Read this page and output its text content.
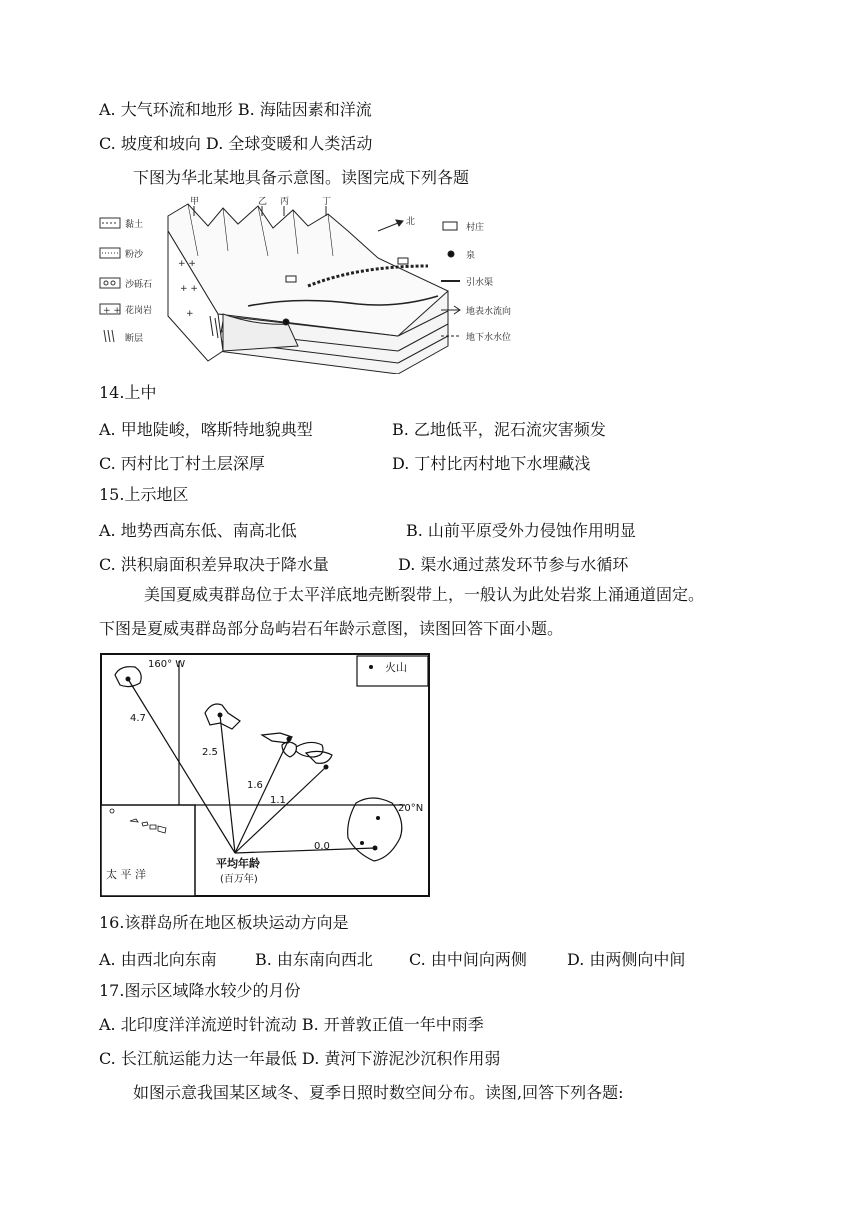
A. 大气环流和地形 B. 海陆因素和洋流
C. 坡度和坡向 D. 全球变暖和人类活动
下图为华北某地具备示意图。读图完成下列各题
+ +
黏土
粉沙
沙砾石
花岗岩
断层
+ +
+ +
+
甲	乙 丙	丁
北
村庄
泉
引水渠
地表水流向
地下水水位
14.上中
A. 甲地陡峻，喀斯特地貌典型	B. 乙地低平，泥石流灾害频发
C. 丙村比丁村土层深厚	D. 丁村比丙村地下水埋藏浅
15.上示地区
A. 地势西高东低、南高北低	B. 山前平原受外力侵蚀作用明显
C. 洪积扇面积差异取决于降水量	D. 渠水通过蒸发环节参与水循环
美国夏威夷群岛位于太平洋底地壳断裂带上，一般认为此处岩浆上涌通道固定。
下图是夏威夷群岛部分岛屿岩石年龄示意图，读图回答下面小题。
160° W
20°N
太 平 洋
火山
4.7
2.5
1.6
1.1
0.0
平均年龄
(百万年)
16.该群岛所在地区板块运动方向是
A. 由西北向东南 B. 由东南向西北 C. 由中间向两侧	D. 由两侧向中间
17.图示区域降水较少的月份
A. 北印度洋洋流逆时针流动 B. 开普敦正值一年中雨季
C. 长江航运能力达一年最低 D. 黄河下游泥沙沉积作用弱
如图示意我国某区域冬、夏季日照时数空间分布。读图,回答下列各题:
